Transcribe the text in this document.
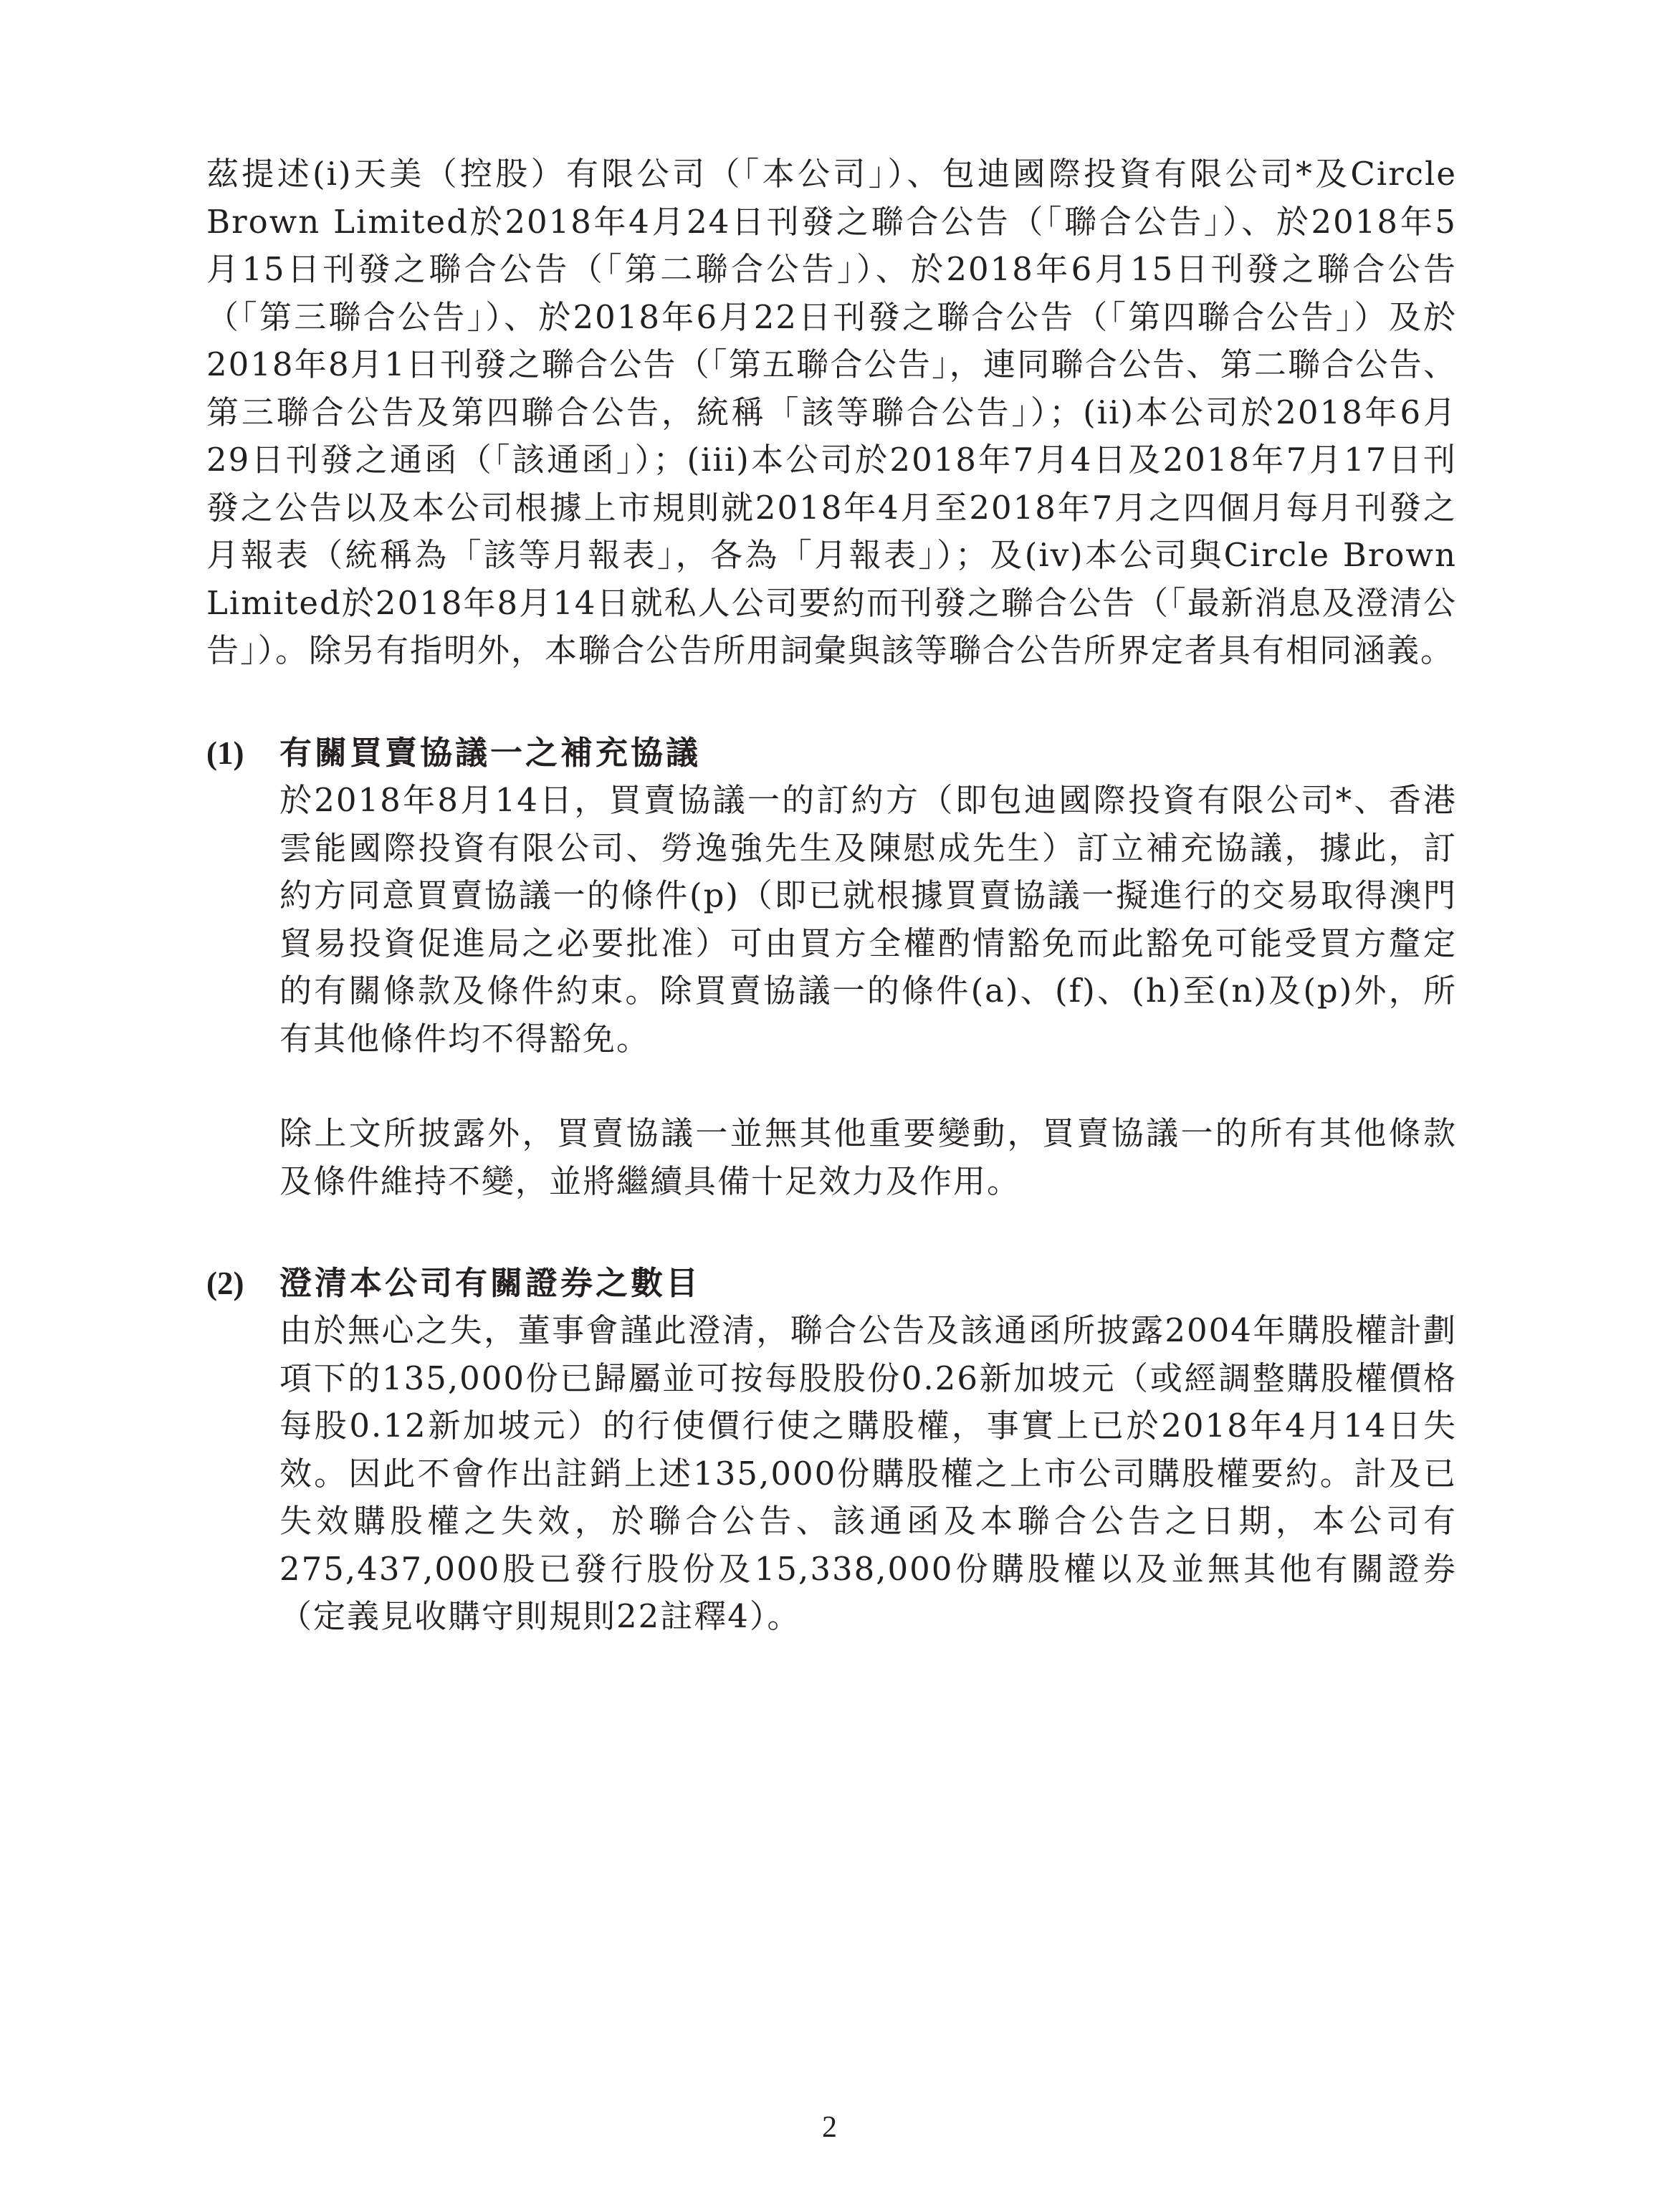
茲提述(i)天美（控股）有限公司（「本公司」）、包迪國際投資有限公司*及Circle Brown Limited於2018年4月24日刊發之聯合公告（「聯合公告」）、於2018年5月15日刊發之聯合公告（「第二聯合公告」）、於2018年6月15日刊發之聯合公告（「第三聯合公告」）、於2018年6月22日刊發之聯合公告（「第四聯合公告」）及於2018年8月1日刊發之聯合公告（「第五聯合公告」，連同聯合公告、第二聯合公告、第三聯合公告及第四聯合公告，統稱「該等聯合公告」）；(ii)本公司於2018年6月29日刊發之通函（「該通函」）；(iii)本公司於2018年7月4日及2018年7月17日刊發之公告以及本公司根據上市規則就2018年4月至2018年7月之四個月每月刊發之月報表（統稱為「該等月報表」，各為「月報表」）；及(iv)本公司與Circle Brown Limited於2018年8月14日就私人公司要約而刊發之聯合公告（「最新消息及澄清公告」）。除另有指明外，本聯合公告所用詞彙與該等聯合公告所界定者具有相同涵義。

(1) 有關買賣協議一之補充協議

於2018年8月14日，買賣協議一的訂約方（即包迪國際投資有限公司*、香港雲能國際投資有限公司、勞逸強先生及陳慰成先生）訂立補充協議，據此，訂約方同意買賣協議一的條件(p)（即已就根據買賣協議一擬進行的交易取得澳門貿易投資促進局之必要批准）可由買方全權酌情豁免而此豁免可能受買方釐定的有關條款及條件約束。除買賣協議一的條件(a)、(f)、(h)至(n)及(p)外，所有其他條件均不得豁免。

除上文所披露外，買賣協議一並無其他重要變動，買賣協議一的所有其他條款及條件維持不變，並將繼續具備十足效力及作用。

(2) 澄清本公司有關證券之數目

由於無心之失，董事會謹此澄清，聯合公告及該通函所披露2004年購股權計劃項下的135,000份已歸屬並可按每股股份0.26新加坡元（或經調整購股權價格每股0.12新加坡元）的行使價行使之購股權，事實上已於2018年4月14日失效。因此不會作出註銷上述135,000份購股權之上市公司購股權要約。計及已失效購股權之失效，於聯合公告、該通函及本聯合公告之日期，本公司有275,437,000股已發行股份及15,338,000份購股權以及並無其他有關證券（定義見收購守則規則22註釋4）。

2
